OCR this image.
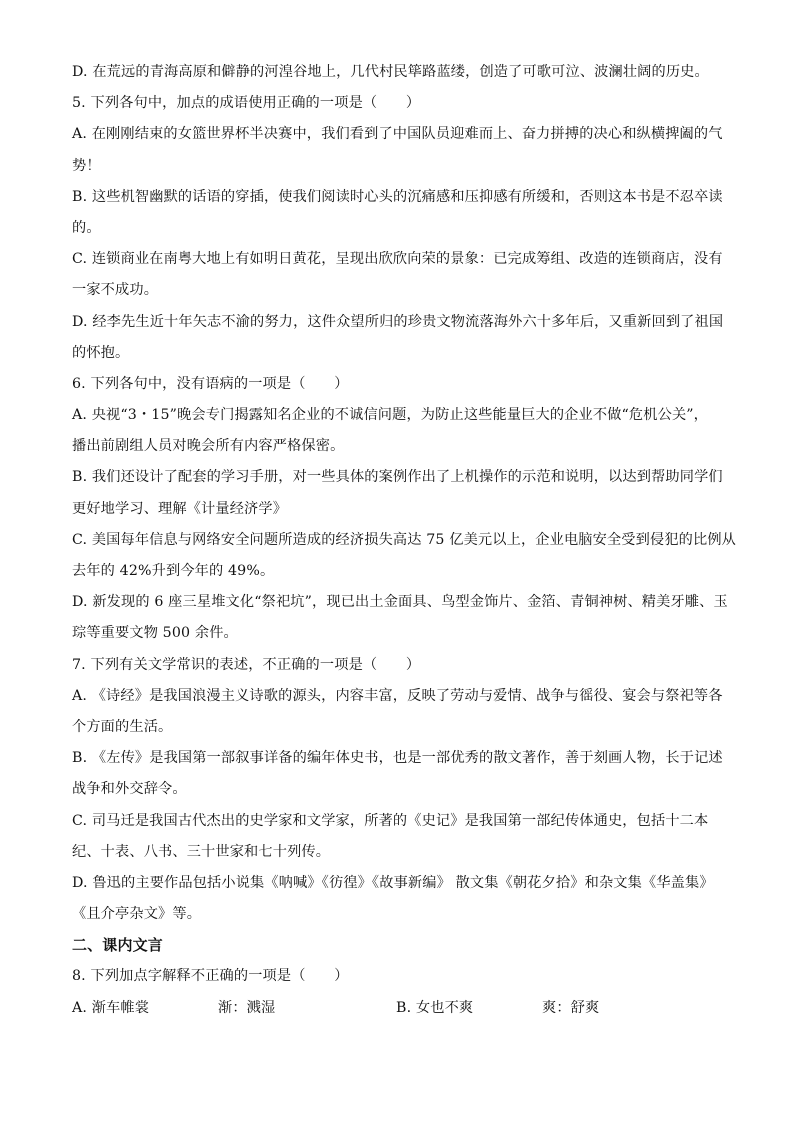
D. 在荒远的青海高原和僻静的河湟谷地上，几代村民筚路蓝缕，创造了可歌可泣、波澜壮阔的历史。
5. 下列各句中，加点的成语使用正确的一项是（　　）
A. 在刚刚结束的女篮世界杯半决赛中，我们看到了中国队员迎难而上、奋力拼搏的决心和纵横捭阖的气
势！
B. 这些机智幽默的话语的穿插，使我们阅读时心头的沉痛感和压抑感有所缓和，否则这本书是不忍卒读
的。
C. 连锁商业在南粤大地上有如明日黄花，呈现出欣欣向荣的景象：已完成筹组、改造的连锁商店，没有
一家不成功。
D. 经李先生近十年矢志不渝的努力，这件众望所归的珍贵文物流落海外六十多年后，又重新回到了祖国
的怀抱。
6. 下列各句中，没有语病的一项是（　　）
A. 央视“3・15”晚会专门揭露知名企业的不诚信问题，为防止这些能量巨大的企业不做“危机公关”，
播出前剧组人员对晚会所有内容严格保密。
B. 我们还设计了配套的学习手册，对一些具体的案例作出了上机操作的示范和说明，以达到帮助同学们
更好地学习、理解《计量经济学》
C. 美国每年信息与网络安全问题所造成的经济损失高达 75 亿美元以上，企业电脑安全受到侵犯的比例从
去年的 42%升到今年的 49%。
D. 新发现的 6 座三星堆文化“祭祀坑”，现已出土金面具、鸟型金饰片、金箔、青铜神树、精美牙雕、玉
琮等重要文物 500 余件。
7. 下列有关文学常识的表述，不正确的一项是（　　）
A. 《诗经》是我国浪漫主义诗歌的源头，内容丰富，反映了劳动与爱情、战争与徭役、宴会与祭祀等各
个方面的生活。
B. 《左传》是我国第一部叙事详备的编年体史书，也是一部优秀的散文著作，善于刻画人物，长于记述
战争和外交辞令。
C. 司马迁是我国古代杰出的史学家和文学家，所著的《史记》是我国第一部纪传体通史，包括十二本
纪、十表、八书、三十世家和七十列传。
D. 鲁迅的主要作品包括小说集《呐喊》《彷徨》《故事新编》 散文集《朝花夕拾》和杂文集《华盖集》
《且介亭杂文》等。
二、课内文言
8. 下列加点字解释不正确的一项是（　　）
A. 渐车帷裳	渐：溅湿	B. 女也不爽	爽：舒爽
